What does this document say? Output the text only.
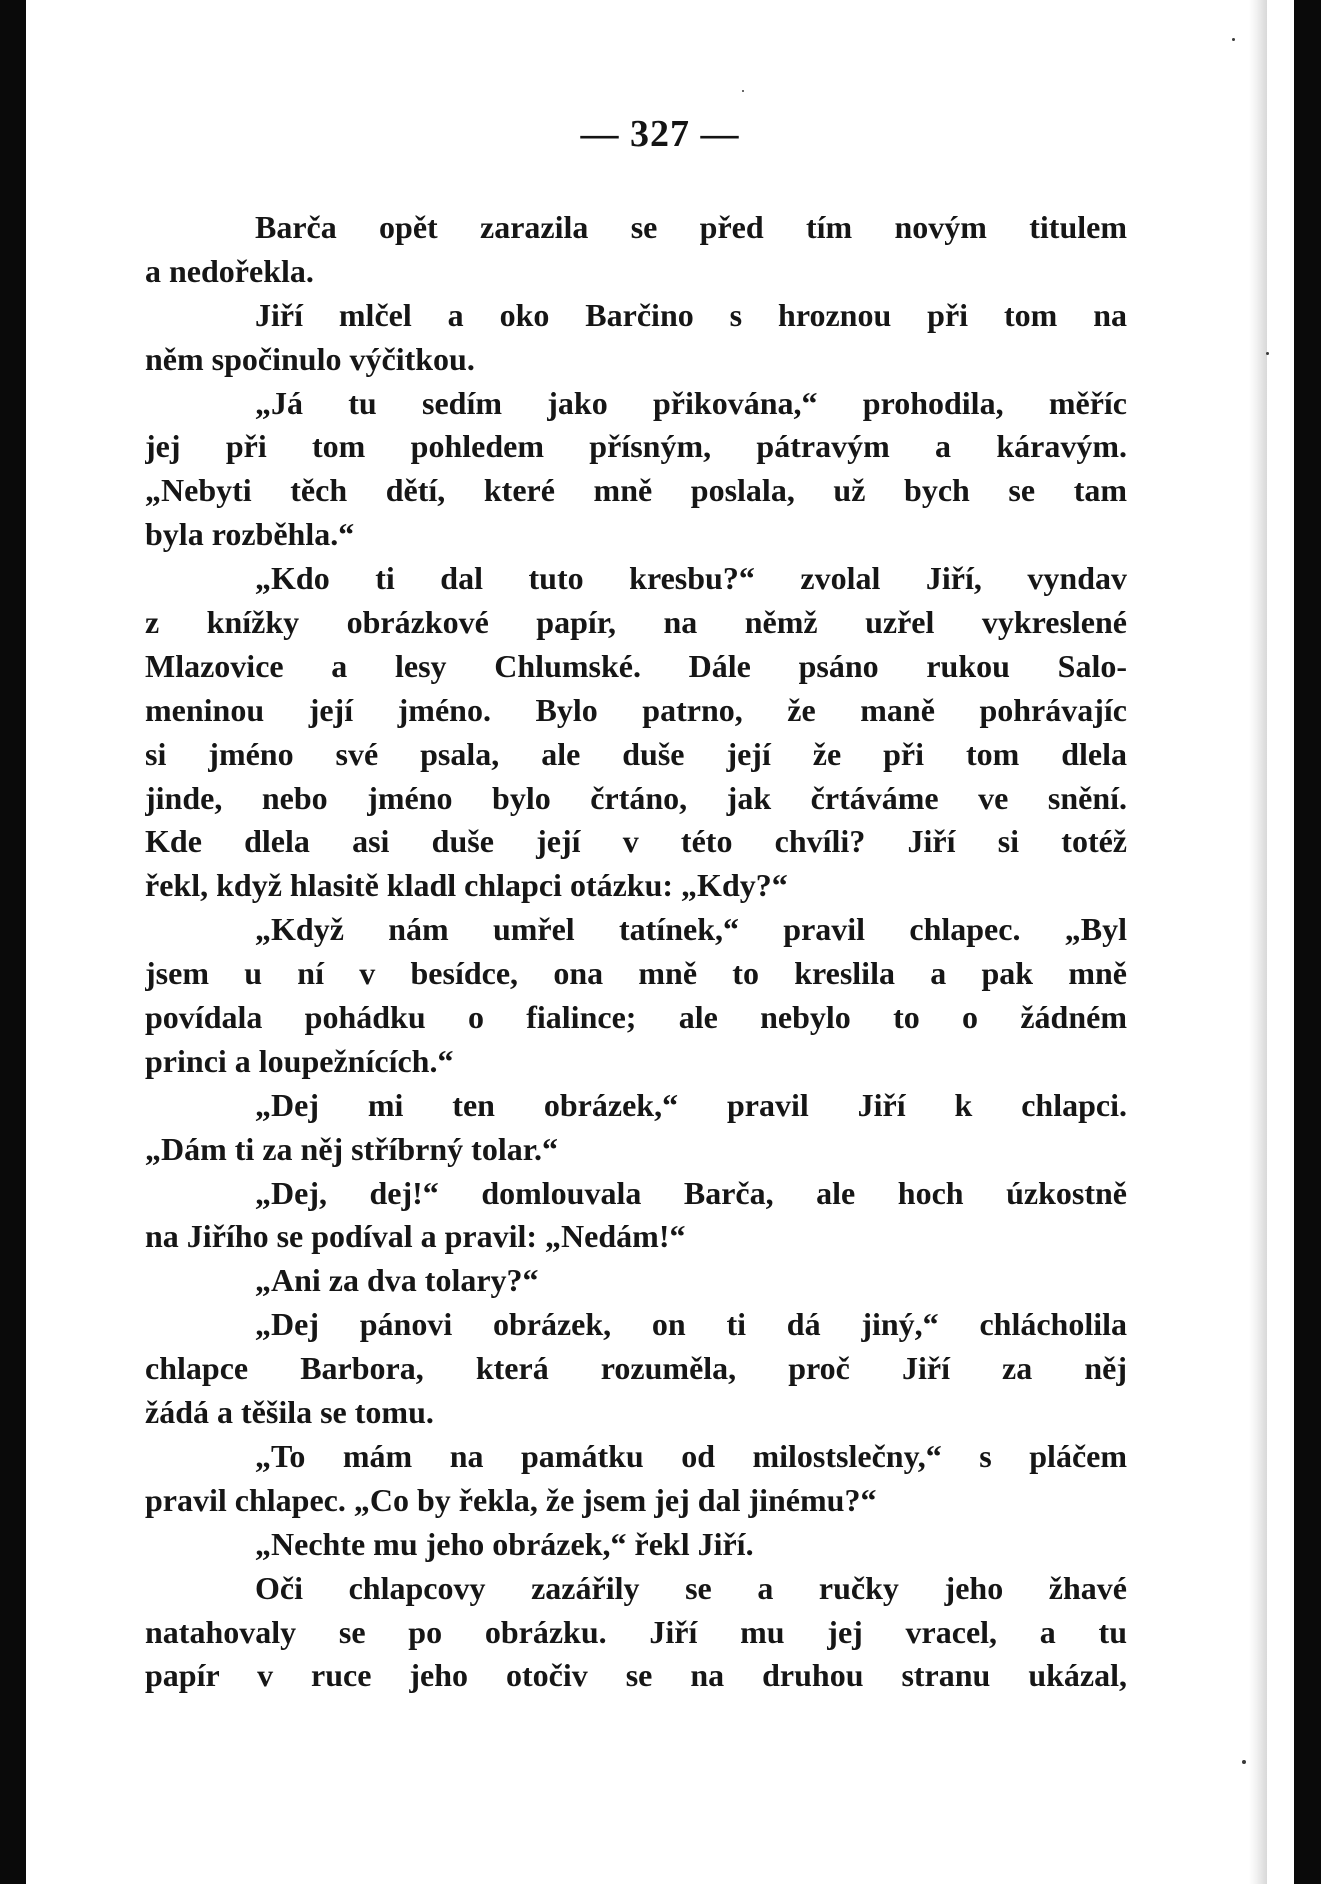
— 327 —
Barča opět zarazila se před tím novým titulem
a nedořekla.
Jiří mlčel a oko Barčino s hroznou při tom na
něm spočinulo výčitkou.
„Já tu sedím jako přikována,“ prohodila, měříc
jej při tom pohledem přísným, pátravým a káravým.
„Nebyti těch dětí, které mně poslala, už bych se tam
byla rozběhla.“
„Kdo ti dal tuto kresbu?“ zvolal Jiří, vyndav
z knížky obrázkové papír, na němž uzřel vykreslené
Mlazovice a lesy Chlumské. Dále psáno rukou Salo-
meninou její jméno. Bylo patrno, že maně pohrávajíc
si jméno své psala, ale duše její že při tom dlela
jinde, nebo jméno bylo črtáno, jak črtáváme ve snění.
Kde dlela asi duše její v této chvíli? Jiří si totéž
řekl, když hlasitě kladl chlapci otázku: „Kdy?“
„Když nám umřel tatínek,“ pravil chlapec. „Byl
jsem u ní v besídce, ona mně to kreslila a pak mně
povídala pohádku o fialince; ale nebylo to o žádném
princi a loupežnících.“
„Dej mi ten obrázek,“ pravil Jiří k chlapci.
„Dám ti za něj stříbrný tolar.“
„Dej, dej!“ domlouvala Barča, ale hoch úzkostně
na Jiřího se podíval a pravil: „Nedám!“
„Ani za dva tolary?“
„Dej pánovi obrázek, on ti dá jiný,“ chlácholila
chlapce Barbora, která rozuměla, proč Jiří za něj
žádá a těšila se tomu.
„To mám na památku od milostslečny,“ s pláčem
pravil chlapec. „Co by řekla, že jsem jej dal jinému?“
„Nechte mu jeho obrázek,“ řekl Jiří.
Oči chlapcovy zazářily se a ručky jeho žhavé
natahovaly se po obrázku. Jiří mu jej vracel, a tu
papír v ruce jeho otočiv se na druhou stranu ukázal,
